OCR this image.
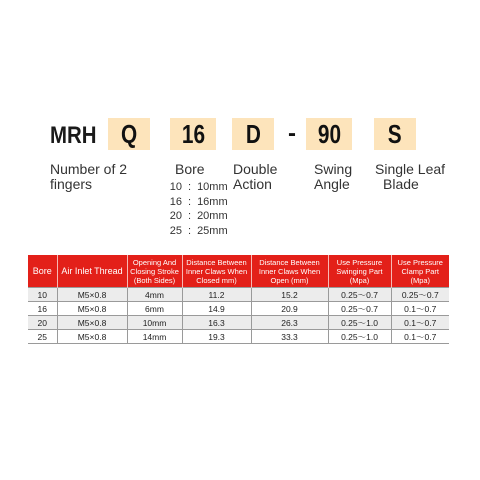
MRH Q 16 D - 90 S
Number of 2
fingers
Bore Double
Action
Swing
Angle
Single Leaf
Blade
10 : 10mm
16 : 16mm
20 : 20mm
25 : 25mm
Bore	Air Inlet Thread	Opening And Closing Stroke (Both Sides)	Distance Between Inner Claws When Closed mm)	Distance Between Inner Claws When Open (mm)	Use Pressure Swinging Part (Mpa)	Use Pressure Clamp Part (Mpa)
10	M5×0.8	4mm	11.2	15.2	0.25～0.7	0.25～0.7
16	M5×0.8	6mm	14.9	20.9	0.25～0.7	0.1～0.7
20	M5×0.8	10mm	16.3	26.3	0.25～1.0	0.1～0.7
25	M5×0.8	14mm	19.3	33.3	0.25～1.0	0.1～0.7
